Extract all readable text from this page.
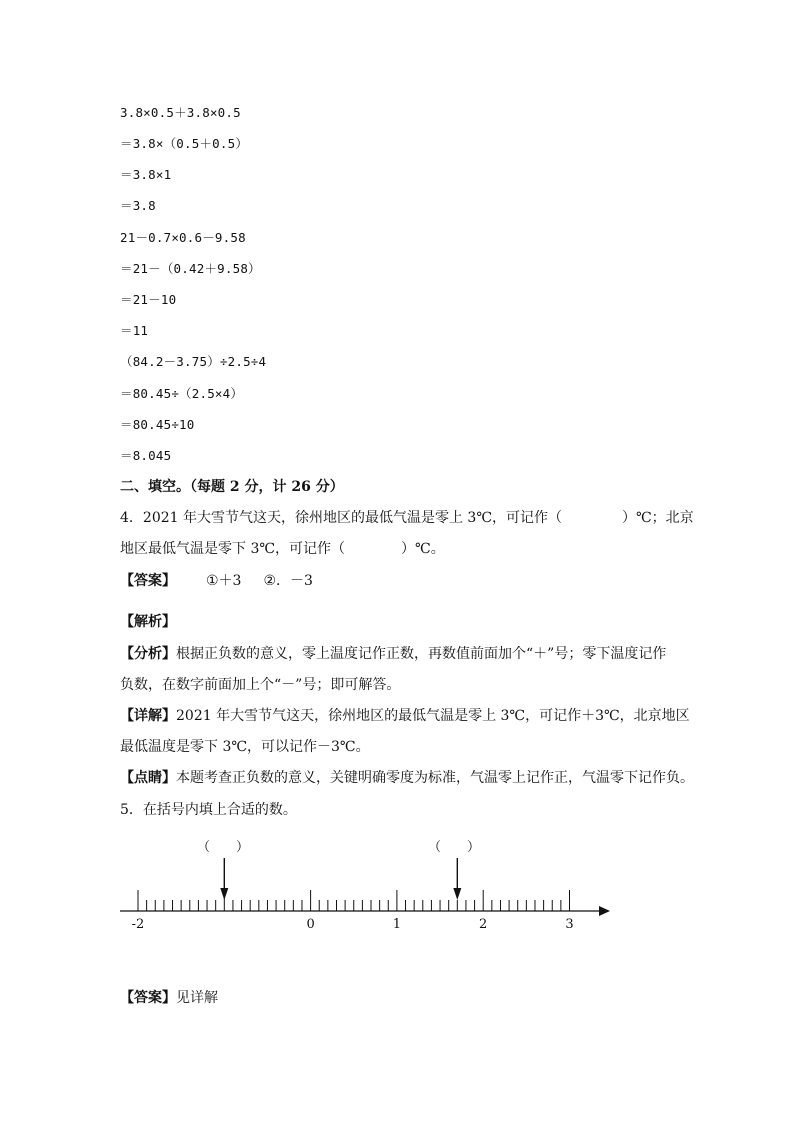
3.8×0.5＋3.8×0.5
＝3.8×（0.5＋0.5）
＝3.8×1
＝3.8
21－0.7×0.6－9.58
＝21－（0.42＋9.58）
＝21－10
＝11
（84.2－3.75）÷2.5÷4
＝80.45÷（2.5×4）
＝80.45÷10
＝8.045
二、填空。（每题 2 分，计 26 分）
4．2021 年大雪节气这天，徐州地区的最低气温是零上 3℃，可记作（	）℃；北京
地区最低气温是零下 3℃，可记作（	）℃。
【答案】 ①＋3 ②．－3
【解析】
【分析】根据正负数的意义，零上温度记作正数，再数值前面加个“＋”号；零下温度记作
负数，在数字前面加上个“－”号；即可解答。
【详解】2021 年大雪节气这天，徐州地区的最低气温是零上 3℃，可记作＋3℃，北京地区
最低温度是零下 3℃，可以记作－3℃。
【点睛】本题考查正负数的意义，关键明确零度为标准，气温零上记作正，气温零下记作负。
5．在括号内填上合适的数。
（　　）	（　　）
-2	0	1	2	3
【答案】见详解
